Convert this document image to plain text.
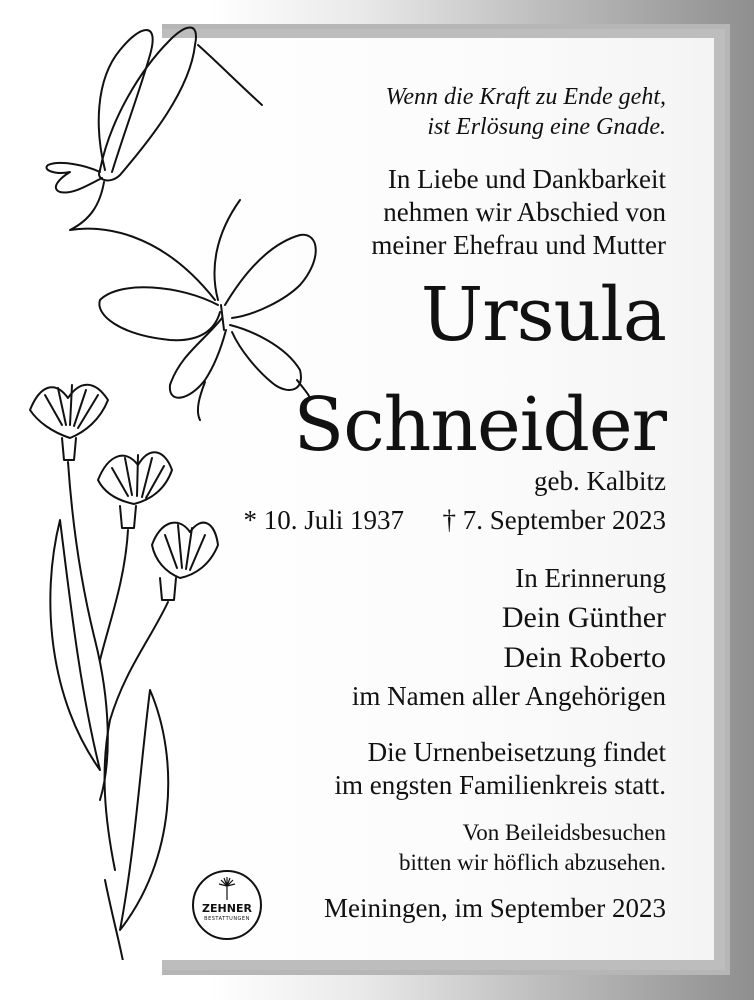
Wenn die Kraft zu Ende geht,
ist Erlösung eine Gnade.
In Liebe und Dankbarkeit
nehmen wir Abschied von
meiner Ehefrau und Mutter
Ursula
Schneider
geb. Kalbitz
* 10. Juli 1937 † 7. September 2023
In Erinnerung
Dein Günther
Dein Roberto
im Namen aller Angehörigen
Die Urnenbeisetzung findet
im engsten Familienkreis statt.
Von Beileidsbesuchen
bitten wir höflich abzusehen.
Meiningen, im September 2023
ZEHNER
BESTATTUNGEN
